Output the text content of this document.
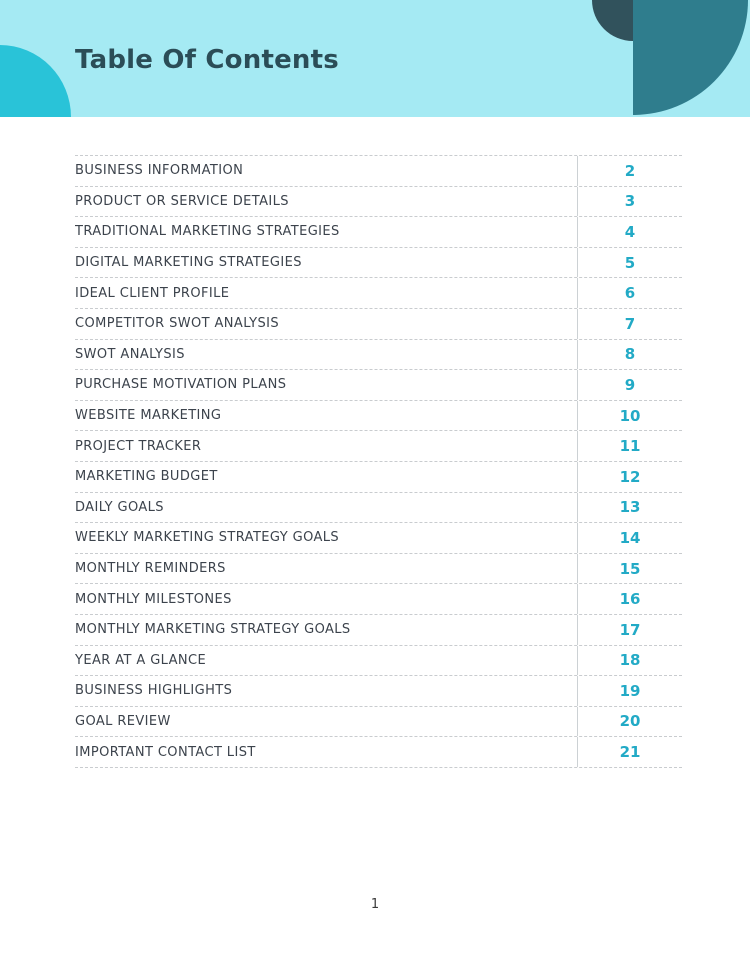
Table Of Contents
BUSINESS INFORMATION	2
PRODUCT OR SERVICE DETAILS	3
TRADITIONAL MARKETING STRATEGIES	4
DIGITAL MARKETING STRATEGIES	5
IDEAL CLIENT PROFILE	6
COMPETITOR SWOT ANALYSIS	7
SWOT ANALYSIS	8
PURCHASE MOTIVATION PLANS	9
WEBSITE MARKETING	10
PROJECT TRACKER	11
MARKETING BUDGET	12
DAILY GOALS	13
WEEKLY MARKETING STRATEGY GOALS	14
MONTHLY REMINDERS	15
MONTHLY MILESTONES	16
MONTHLY MARKETING STRATEGY GOALS	17
YEAR AT A GLANCE	18
BUSINESS HIGHLIGHTS	19
GOAL REVIEW	20
IMPORTANT CONTACT LIST	21
1
